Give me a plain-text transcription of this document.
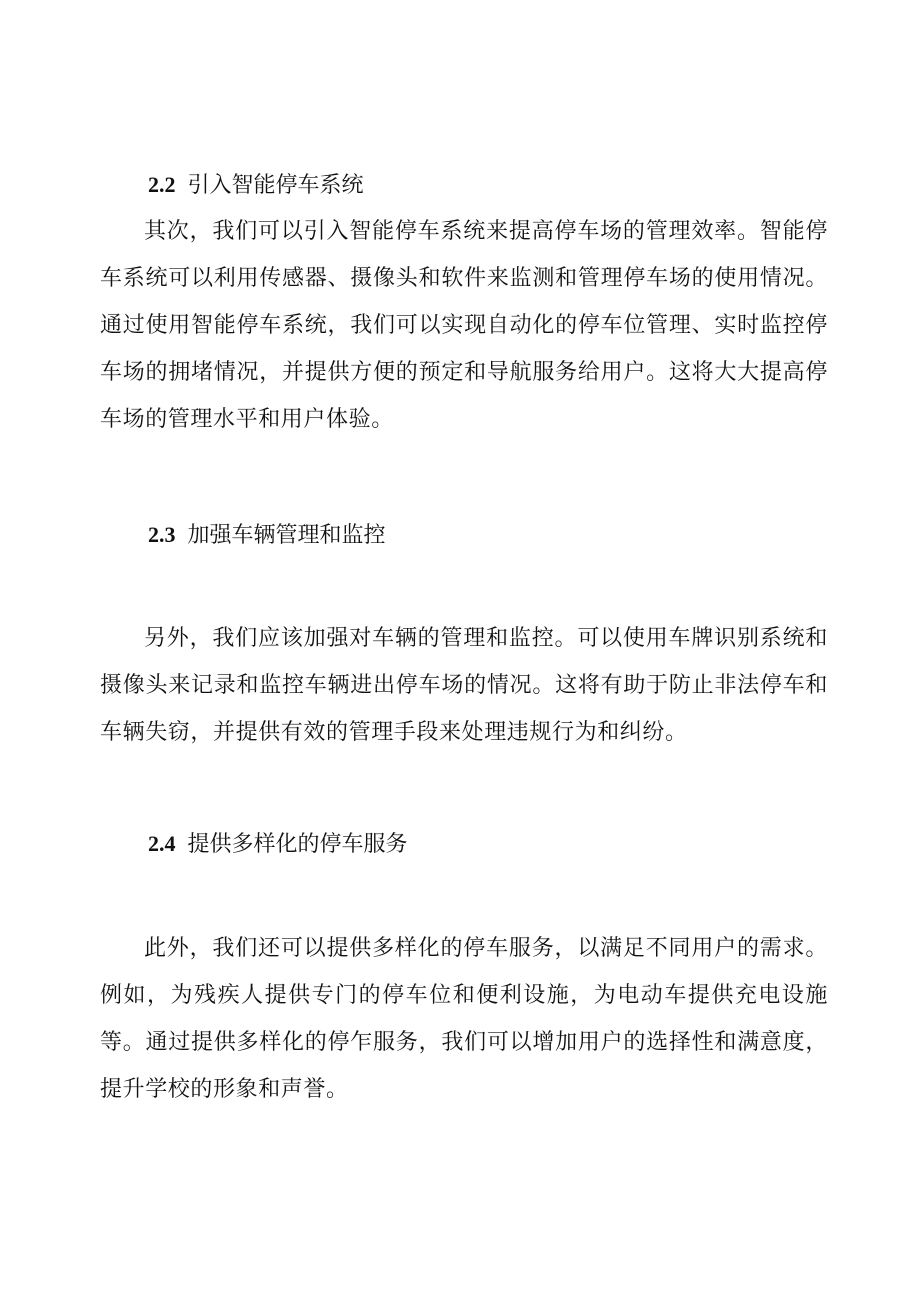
2.2 引入智能停车系统

其次，我们可以引入智能停车系统来提高停车场的管理效率。智能停车系统可以利用传感器、摄像头和软件来监测和管理停车场的使用情况。通过使用智能停车系统，我们可以实现自动化的停车位管理、实时监控停车场的拥堵情况，并提供方便的预定和导航服务给用户。这将大大提高停车场的管理水平和用户体验。

2.3 加强车辆管理和监控

另外，我们应该加强对车辆的管理和监控。可以使用车牌识别系统和摄像头来记录和监控车辆进出停车场的情况。这将有助于防止非法停车和车辆失窃，并提供有效的管理手段来处理违规行为和纠纷。

2.4 提供多样化的停车服务

此外，我们还可以提供多样化的停车服务，以满足不同用户的需求。例如，为残疾人提供专门的停车位和便利设施，为电动车提供充电设施等。通过提供多样化的停乍服务，我们可以增加用户的选择性和满意度，提升学校的形象和声誉。
